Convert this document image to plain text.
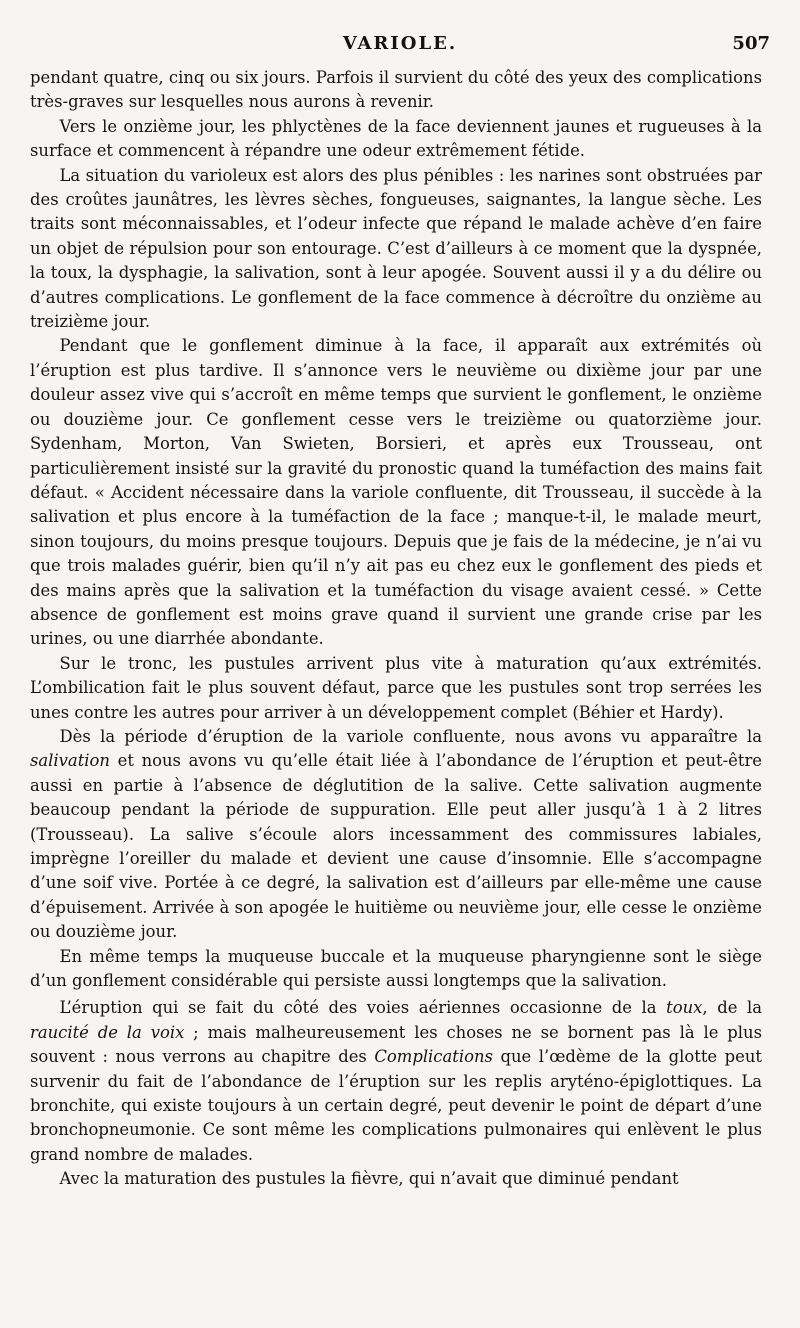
VARIOLE.	507

pendant quatre, cinq ou six jours. Parfois il survient du côté des yeux des complications très-graves sur lesquelles nous aurons à revenir.

Vers le onzième jour, les phlyctènes de la face deviennent jaunes et rugueuses à la surface et commencent à répandre une odeur extrêmement fétide.

La situation du varioleux est alors des plus pénibles : les narines sont obstruées par des croûtes jaunâtres, les lèvres sèches, fongueuses, saignantes, la langue sèche. Les traits sont méconnaissables, et l’odeur infecte que répand le malade achève d’en faire un objet de répulsion pour son entourage. C’est d’ailleurs à ce moment que la dyspnée, la toux, la dysphagie, la salivation, sont à leur apogée. Souvent aussi il y a du délire ou d’autres complications. Le gonflement de la face commence à décroître du onzième au treizième jour.

Pendant que le gonflement diminue à la face, il apparaît aux extrémités où l’éruption est plus tardive. Il s’annonce vers le neuvième ou dixième jour par une douleur assez vive qui s’accroît en même temps que survient le gonflement, le onzième ou douzième jour. Ce gonflement cesse vers le treizième ou quatorzième jour. Sydenham, Morton, Van Swieten, Borsieri, et après eux Trousseau, ont particulièrement insisté sur la gravité du pronostic quand la tuméfaction des mains fait défaut. « Accident nécessaire dans la variole confluente, dit Trousseau, il succède à la salivation et plus encore à la tuméfaction de la face ; manque-t-il, le malade meurt, sinon toujours, du moins presque toujours. Depuis que je fais de la médecine, je n’ai vu que trois malades guérir, bien qu’il n’y ait pas eu chez eux le gonflement des pieds et des mains après que la salivation et la tuméfaction du visage avaient cessé. » Cette absence de gonflement est moins grave quand il survient une grande crise par les urines, ou une diarrhée abondante.

Sur le tronc, les pustules arrivent plus vite à maturation qu’aux extrémités. L’ombilication fait le plus souvent défaut, parce que les pustules sont trop serrées les unes contre les autres pour arriver à un développement complet (Béhier et Hardy).

Dès la période d’éruption de la variole confluente, nous avons vu apparaître la salivation et nous avons vu qu’elle était liée à l’abondance de l’éruption et peut-être aussi en partie à l’absence de déglutition de la salive. Cette salivation augmente beaucoup pendant la période de suppuration. Elle peut aller jusqu’à 1 à 2 litres (Trousseau). La salive s’écoule alors incessamment des commissures labiales, imprègne l’oreiller du malade et devient une cause d’insomnie. Elle s’accompagne d’une soif vive. Portée à ce degré, la salivation est d’ailleurs par elle-même une cause d’épuisement. Arrivée à son apogée le huitième ou neuvième jour, elle cesse le onzième ou douzième jour.

En même temps la muqueuse buccale et la muqueuse pharyngienne sont le siège d’un gonflement considérable qui persiste aussi longtemps que la salivation.

L’éruption qui se fait du côté des voies aériennes occasionne de la toux, de la raucité de la voix ; mais malheureusement les choses ne se bornent pas là le plus souvent : nous verrons au chapitre des Complications que l’œdème de la glotte peut survenir du fait de l’abondance de l’éruption sur les replis aryténo-épiglottiques. La bronchite, qui existe toujours à un certain degré, peut devenir le point de départ d’une bronchopneumonie. Ce sont même les complications pulmonaires qui enlèvent le plus grand nombre de malades.

Avec la maturation des pustules la fièvre, qui n’avait que diminué pendant
